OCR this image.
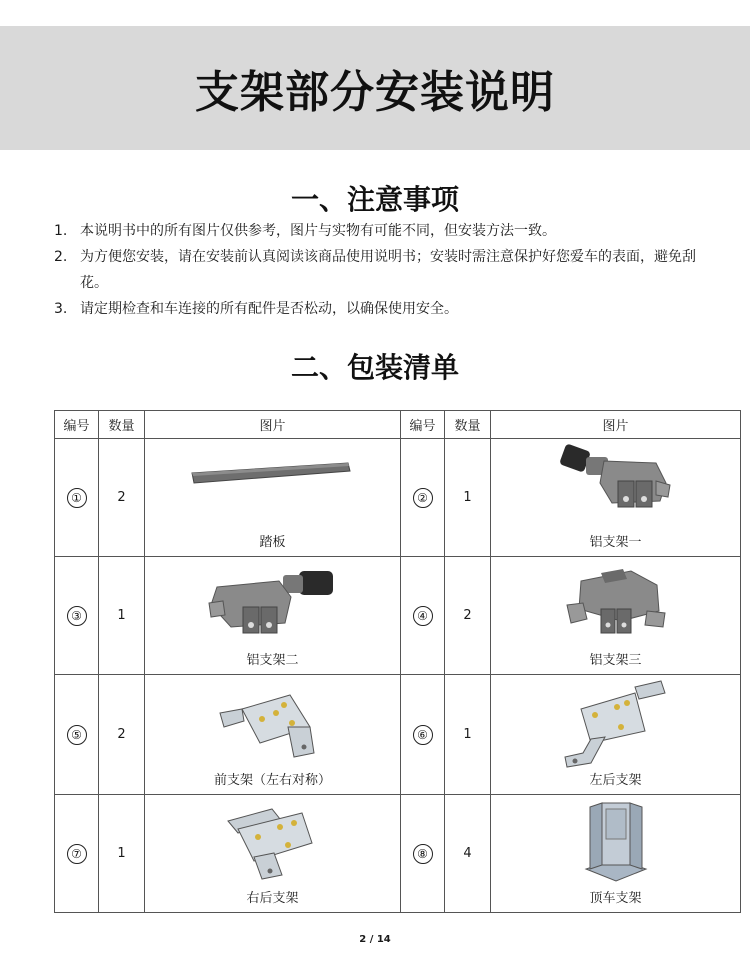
支架部分安装说明
一、注意事项
1. 本说明书中的所有图片仅供参考，图片与实物有可能不同，但安装方法一致。
2. 为方便您安装，请在安装前认真阅读该商品使用说明书；安装时需注意保护好您爱车的表面，避免刮花。
3. 请定期检查和车连接的所有配件是否松动，以确保使用安全。
二、包装清单
编号	数量	图片	编号	数量	图片
①	2	踏板	②	1	铝支架一

③	1	铝支架二	④	2	铝支架三

⑤	2	前支架（左右对称）	⑥	1	左后支架

⑦	1	右后支架	⑧	4	顶车支架
2 / 14
